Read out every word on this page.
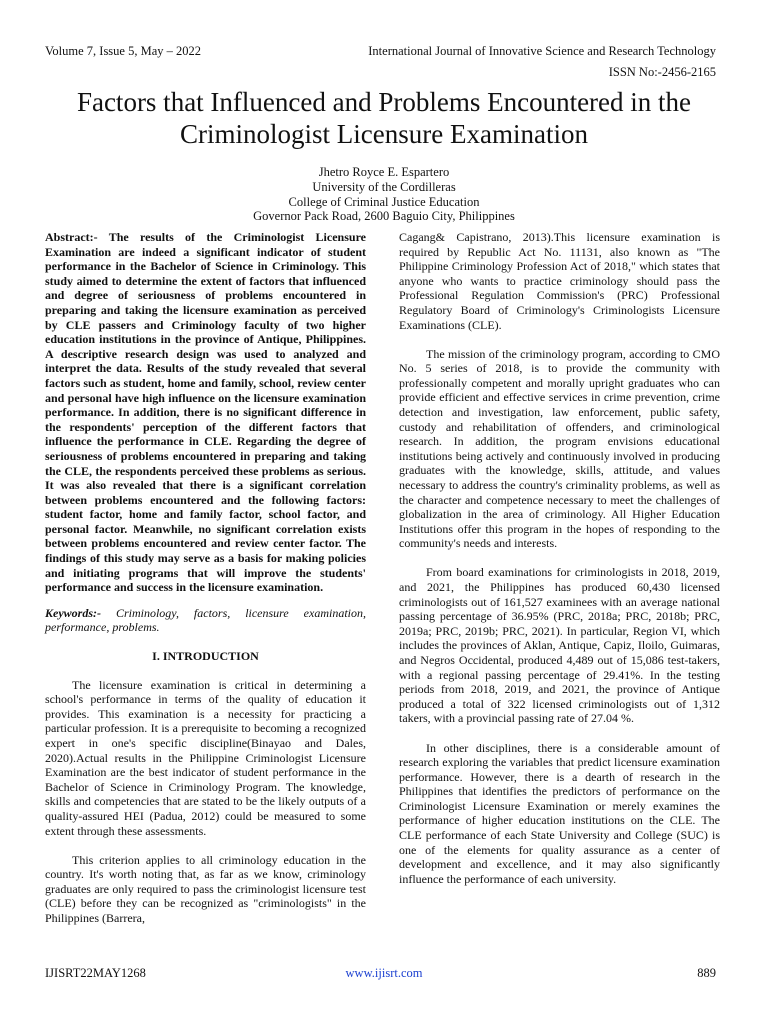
Volume 7, Issue 5, May – 2022	International Journal of Innovative Science and Research Technology
ISSN No:-2456-2165
Factors that Influenced and Problems Encountered in the Criminologist Licensure Examination
Jhetro Royce E. Espartero
University of the Cordilleras
College of Criminal Justice Education
Governor Pack Road, 2600 Baguio City, Philippines

Abstract:- The results of the Criminologist Licensure Examination are indeed a significant indicator of student performance in the Bachelor of Science in Criminology. This study aimed to determine the extent of factors that influenced and degree of seriousness of problems encountered in preparing and taking the licensure examination as perceived by CLE passers and Criminology faculty of two higher education institutions in the province of Antique, Philippines. A descriptive research design was used to analyzed and interpret the data. Results of the study revealed that several factors such as student, home and family, school, review center and personal have high influence on the licensure examination performance. In addition, there is no significant difference in the respondents' perception of the different factors that influence the performance in CLE. Regarding the degree of seriousness of problems encountered in preparing and taking the CLE, the respondents perceived these problems as serious. It was also revealed that there is a significant correlation between problems encountered and the following factors: student factor, home and family factor, school factor, and personal factor. Meanwhile, no significant correlation exists between problems encountered and review center factor. The findings of this study may serve as a basis for making policies and initiating programs that will improve the students' performance and success in the licensure examination.

Keywords:- Criminology, factors, licensure examination, performance, problems.

I. INTRODUCTION

The licensure examination is critical in determining a school's performance in terms of the quality of education it provides. This examination is a necessity for practicing a particular profession. It is a prerequisite to becoming a recognized expert in one's specific discipline(Binayao and Dales, 2020).Actual results in the Philippine Criminologist Licensure Examination are the best indicator of student performance in the Bachelor of Science in Criminology Program. The knowledge, skills and competencies that are stated to be the likely outputs of a quality-assured HEI (Padua, 2012) could be measured to some extent through these assessments.

This criterion applies to all criminology education in the country. It's worth noting that, as far as we know, criminology graduates are only required to pass the criminologist licensure test (CLE) before they can be recognized as "criminologists" in the Philippines (Barrera,

Cagang& Capistrano, 2013).This licensure examination is required by Republic Act No. 11131, also known as "The Philippine Criminology Profession Act of 2018," which states that anyone who wants to practice criminology should pass the Professional Regulation Commission's (PRC) Professional Regulatory Board of Criminology's Criminologists Licensure Examinations (CLE).

The mission of the criminology program, according to CMO No. 5 series of 2018, is to provide the community with professionally competent and morally upright graduates who can provide efficient and effective services in crime prevention, crime detection and investigation, law enforcement, public safety, custody and rehabilitation of offenders, and criminological research. In addition, the program envisions educational institutions being actively and continuously involved in producing graduates with the knowledge, skills, attitude, and values necessary to address the country's criminality problems, as well as the character and competence necessary to meet the challenges of globalization in the area of criminology. All Higher Education Institutions offer this program in the hopes of responding to the community's needs and interests.

From board examinations for criminologists in 2018, 2019, and 2021, the Philippines has produced 60,430 licensed criminologists out of 161,527 examinees with an average national passing percentage of 36.95% (PRC, 2018a; PRC, 2018b; PRC, 2019a; PRC, 2019b; PRC, 2021). In particular, Region VI, which includes the provinces of Aklan, Antique, Capiz, Iloilo, Guimaras, and Negros Occidental, produced 4,489 out of 15,086 test-takers, with a regional passing percentage of 29.41%. In the testing periods from 2018, 2019, and 2021, the province of Antique produced a total of 322 licensed criminologists out of 1,312 takers, with a provincial passing rate of 27.04 %.

In other disciplines, there is a considerable amount of research exploring the variables that predict licensure examination performance. However, there is a dearth of research in the Philippines that identifies the predictors of performance on the Criminologist Licensure Examination or merely examines the performance of higher education institutions on the CLE. The CLE performance of each State University and College (SUC) is one of the elements for quality assurance as a center of development and excellence, and it may also significantly influence the performance of each university.

IJISRT22MAY1268	www.ijisrt.com	889
